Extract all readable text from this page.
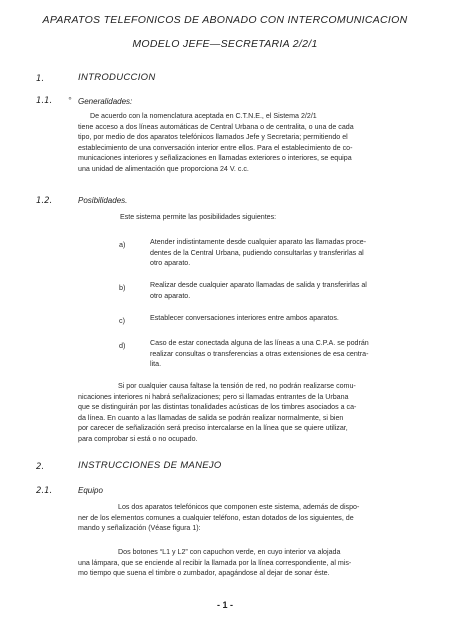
APARATOS TELEFONICOS DE ABONADO CON INTERCOMUNICACION
MODELO JEFE—SECRETARIA 2/2/1
1.	INTRODUCCION
1.1. ° Generalidades:
De acuerdo con la nomenclatura aceptada en C.T.N.E., el Sistema 2/2/1
tiene acceso a dos líneas automáticas de Central Urbana o de centralita, o una de cada
tipo, por medio de dos aparatos telefónicos llamados Jefe y Secretaria; permitiendo el
establecimiento de una conversación interior entre ellos. Para el establecimiento de co-
municaciones interiores y señalizaciones en llamadas exteriores o interiores, se equipa
una unidad de alimentación que proporciona 24 V. c.c.
1.2.	Posibilidades.
Este sistema permite las posibilidades siguientes:
a)	Atender indistintamente desde cualquier aparato las llamadas proce-
dentes de la Central Urbana, pudiendo consultarlas y transferirlas al
otro aparato.
b)	Realizar desde cualquier aparato llamadas de salida y transferirlas al
otro aparato.
c)	Establecer conversaciones interiores entre ambos aparatos.
d)	Caso de estar conectada alguna de las líneas a una C.P.A. se podrán
realizar consultas o transferencias a otras extensiones de esa centra-
lita.
Si por cualquier causa faltase la tensión de red, no podrán realizarse comu-
nicaciones interiores ni habrá señalizaciones; pero si llamadas entrantes de la Urbana
que se distinguirán por las distintas tonalidades acústicas de los timbres asociados a ca-
da línea. En cuanto a las llamadas de salida se podrán realizar normalmente, si bien
por carecer de señalización será preciso intercalarse en la línea que se quiere utilizar,
para comprobar si está o no ocupado.
2.	INSTRUCCIONES DE MANEJO
2.1.	Equipo
Los dos aparatos telefónicos que componen este sistema, además de dispo-
ner de los elementos comunes a cualquier teléfono, estan dotados de los siguientes, de
mando y señalización (Véase figura 1):
Dos botones “L1 y L2” con capuchon verde, en cuyo interior va alojada
una lámpara, que se enciende al recibir la llamada por la línea correspondiente, al mis-
mo tiempo que suena el timbre o zumbador, apagándose al dejar de sonar éste.
- 1 -
